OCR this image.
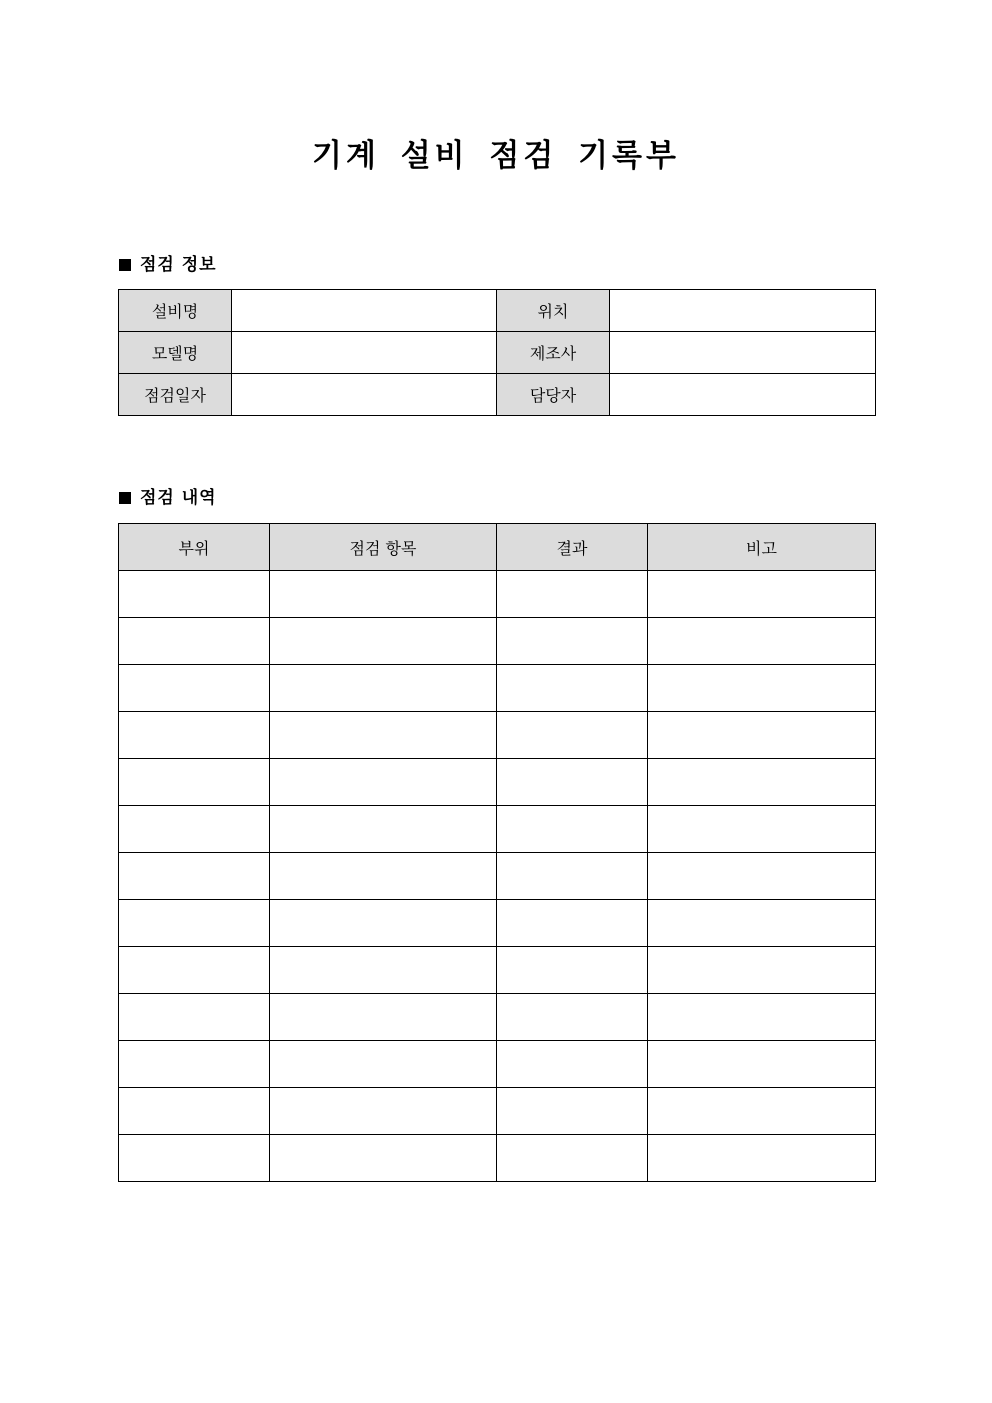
기계 설비 점검 기록부
점검 정보
설비명		위치	
모델명		제조사	
점검일자		담당자	
점검 내역
부위	점검 항목	결과	비고
